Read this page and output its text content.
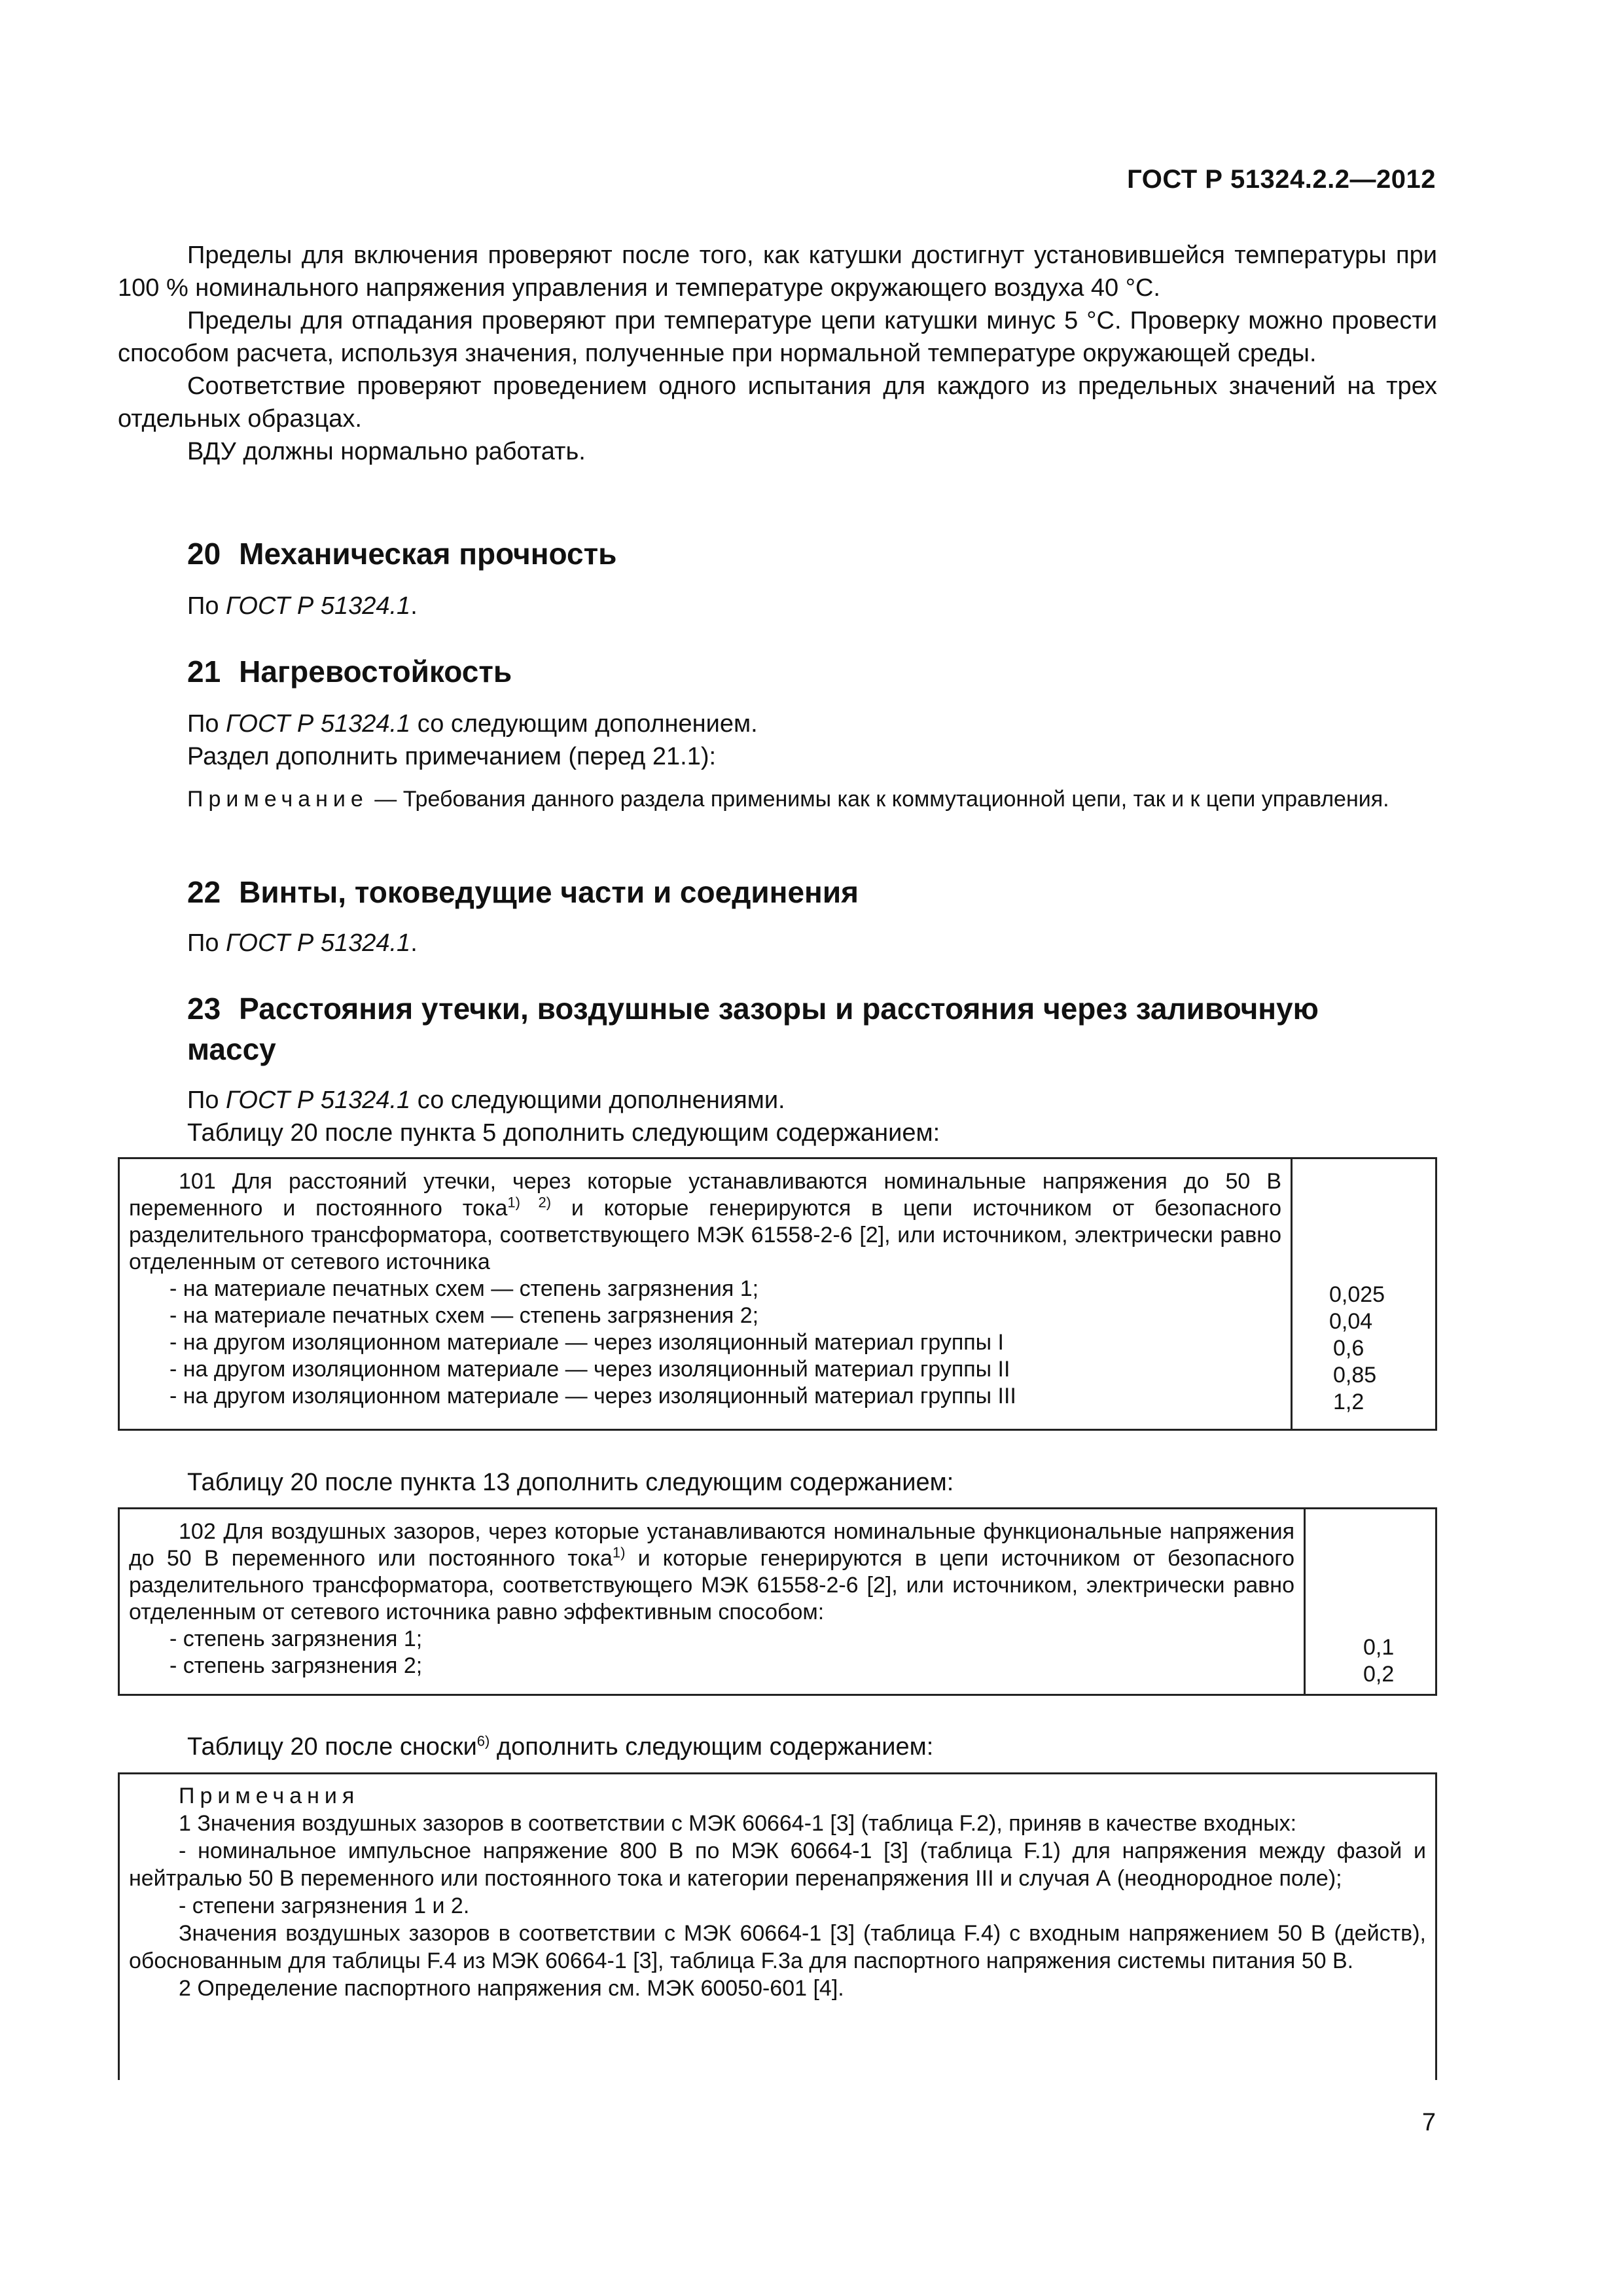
ГОСТ Р 51324.2.2—2012

Пределы для включения проверяют после того, как катушки достигнут установившейся температуры при 100 % номинального напряжения управления и температуре окружающего воздуха 40 °С.

Пределы для отпадания проверяют при температуре цепи катушки минус 5 °С. Проверку можно провести способом расчета, используя значения, полученные при нормальной температуре окружающей среды.

Соответствие проверяют проведением одного испытания для каждого из предельных значений на трех отдельных образцах.

ВДУ должны нормально работать.

20 Механическая прочность

По ГОСТ Р 51324.1.

21 Нагревостойкость

По ГОСТ Р 51324.1 со следующим дополнением.

Раздел дополнить примечанием (перед 21.1):

Примечание — Требования данного раздела применимы как к коммутационной цепи, так и к цепи управления.

22 Винты, токоведущие части и соединения

По ГОСТ Р 51324.1.

23 Расстояния утечки, воздушные зазоры и расстояния через заливочную
массу

По ГОСТ Р 51324.1 со следующими дополнениями.

Таблицу 20 после пункта 5 дополнить следующим содержанием:

101 Для расстояний утечки, через которые устанавливаются номинальные напряжения до 50 В переменного и постоянного тока$^{1) 2)}$ и которые генерируются в цепи источником от безопасного разделительного трансформатора, соответствующего МЭК 61558-2-6 [2], или источником, электрически равно отделенным от сетевого источника
- на материале печатных схем — степень загрязнения 1;
- на материале печатных схем — степень загрязнения 2;
- на другом изоляционном материале — через изоляционный материал группы I
- на другом изоляционном материале — через изоляционный материал группы II
- на другом изоляционном материале — через изоляционный материал группы III
0,025
0,04
0,6
0,85
1,2

Таблицу 20 после пункта 13 дополнить следующим содержанием:

102 Для воздушных зазоров, через которые устанавливаются номинальные функциональные напряжения до 50 В переменного или постоянного тока$^{1)}$ и которые генерируются в цепи источником от безопасного разделительного трансформатора, соответствующего МЭК 61558-2-6 [2], или источником, электрически равно отделенным от сетевого источника равно эффективным способом:
- степень загрязнения 1;
- степень загрязнения 2;
0,1
0,2

Таблицу 20 после сноски$^{6)}$ дополнить следующим содержанием:

Примечания
1 Значения воздушных зазоров в соответствии с МЭК 60664-1 [3] (таблица F.2), приняв в качестве входных:
- номинальное импульсное напряжение 800 В по МЭК 60664-1 [3] (таблица F.1) для напряжения между фазой и нейтралью 50 В переменного или постоянного тока и категории перенапряжения III и случая А (неоднородное поле);
- степени загрязнения 1 и 2.
Значения воздушных зазоров в соответствии с МЭК 60664-1 [3] (таблица F.4) с входным напряжением 50 В (действ), обоснованным для таблицы F.4 из МЭК 60664-1 [3], таблица F.3a для паспортного напряжения системы питания 50 В.
2 Определение паспортного напряжения см. МЭК 60050-601 [4].
7
